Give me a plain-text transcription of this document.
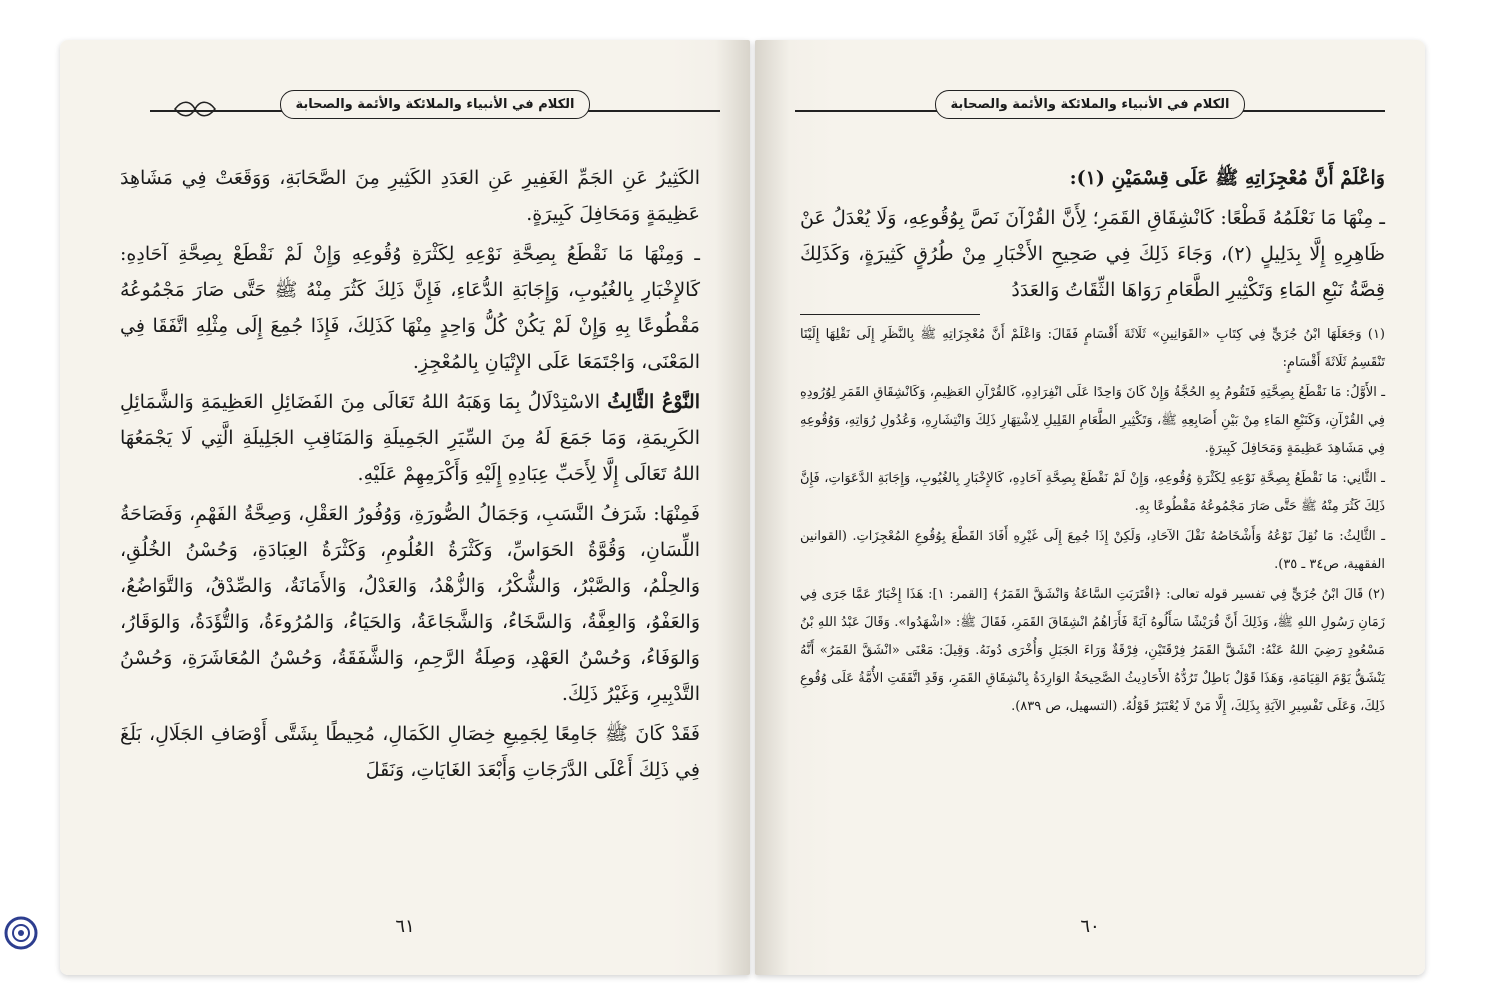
الكلام في الأنبياء والملائكة والأئمة والصحابة

الكَثِيرُ عَنِ الجَمِّ الغَفِيرِ عَنِ العَدَدِ الكَثِيرِ مِنَ الصَّحَابَةِ، وَوَقَعَتْ فِي مَشَاهِدَ عَظِيمَةٍ وَمَحَافِلَ كَبِيرَةٍ.

ـ وَمِنْهَا مَا نَقْطَعُ بِصِحَّةِ نَوْعِهِ لِكَثْرَةِ وُقُوعِهِ وَإِنْ لَمْ نَقْطَعْ بِصِحَّةِ آحَادِهِ: كَالإِخْبَارِ بِالغُيُوبِ، وَإِجَابَةِ الدُّعَاءِ، فَإِنَّ ذَلِكَ كَثُرَ مِنْهُ ﷺ حَتَّى صَارَ مَجْمُوعُهُ مَقْطُوعًا بِهِ وَإِنْ لَمْ يَكُنْ كُلُّ وَاحِدٍ مِنْهَا كَذَلِكَ، فَإِذَا جُمِعَ إِلَى مِثْلِهِ اتَّفَقَا فِي المَعْنَى، وَاجْتَمَعَا عَلَى الإِتْيَانِ بِالمُعْجِزِ.

النَّوْعُ الثَّالِثُ الاسْتِدْلَالُ بِمَا وَهَبَهُ اللهُ تَعَالَى مِنَ الفَضَائِلِ العَظِيمَةِ وَالشَّمَائِلِ الكَرِيمَةِ، وَمَا جَمَعَ لَهُ مِنَ السِّيَرِ الجَمِيلَةِ وَالمَنَاقِبِ الجَلِيلَةِ الَّتِي لَا يَجْمَعُهَا اللهُ تَعَالَى إِلَّا لِأَحَبِّ عِبَادِهِ إِلَيْهِ وَأَكْرَمِهِمْ عَلَيْهِ.

فَمِنْهَا: شَرَفُ النَّسَبِ، وَجَمَالُ الصُّورَةِ، وَوُفُورُ العَقْلِ، وَصِحَّةُ الفَهْمِ، وَفَصَاحَةُ اللِّسَانِ، وَقُوَّةُ الحَوَاسِّ، وَكَثْرَةُ العُلُومِ، وَكَثْرَةُ العِبَادَةِ، وَحُسْنُ الخُلُقِ، وَالحِلْمُ، وَالصَّبْرُ، وَالشُّكْرُ، وَالزُّهْدُ، وَالعَدْلُ، وَالأَمَانَةُ، وَالصِّدْقُ، وَالتَّوَاضُعُ، وَالعَفْوُ، وَالعِفَّةُ، وَالسَّخَاءُ، وَالشَّجَاعَةُ، وَالحَيَاءُ، وَالمُرُوءَةُ، وَالتُّؤَدَةُ، وَالوَقَارُ، وَالوَفَاءُ، وَحُسْنُ العَهْدِ، وَصِلَةُ الرَّحِمِ، وَالشَّفَقَةُ، وَحُسْنُ المُعَاشَرَةِ، وَحُسْنُ التَّدْبِيرِ، وَغَيْرُ ذَلِكَ.

فَقَدْ كَانَ ﷺ جَامِعًا لِجَمِيعِ خِصَالِ الكَمَالِ، مُحِيطًا بِشَتَّى أَوْصَافِ الجَلَالِ، بَلَغَ فِي ذَلِكَ أَعْلَى الدَّرَجَاتِ وَأَبْعَدَ الغَايَاتِ، وَنَقَلَ

٦١
الكلام في الأنبياء والملائكة والأئمة والصحابة

وَاعْلَمْ أَنَّ مُعْجِزَاتِهِ ﷺ عَلَى قِسْمَيْنِ (١):

ـ مِنْهَا مَا نَعْلَمُهُ قَطْعًا: كَانْشِقَاقِ القَمَرِ؛ لِأَنَّ القُرْآنَ نَصَّ بِوُقُوعِهِ، وَلَا يُعْدَلُ عَنْ ظَاهِرِهِ إِلَّا بِدَلِيلٍ (٢)، وَجَاءَ ذَلِكَ فِي صَحِيحِ الأَخْبَارِ مِنْ طُرُقٍ كَثِيرَةٍ، وَكَذَلِكَ قِصَّةُ نَبْعِ المَاءِ وَتَكْثِيرِ الطَّعَامِ رَوَاهَا الثِّقَاتُ وَالعَدَدُ

(١) وَجَعَلَهَا ابْنُ جُزَيٍّ فِي كِتَابِ «القَوَانِينِ» ثَلَاثَةَ أَقْسَامٍ فَقَالَ: وَاعْلَمْ أَنَّ مُعْجِزَاتِهِ ﷺ بِالنَّظَرِ إِلَى نَقْلِهَا إِلَيْنَا تَنْقَسِمُ ثَلَاثَةَ أَقْسَامٍ:

ـ الأَوَّلُ: مَا نَقْطَعُ بِصِحَّتِهِ فَتَقُومُ بِهِ الحُجَّةُ وَإِنْ كَانَ وَاحِدًا عَلَى انْفِرَادِهِ، كَالقُرْآنِ العَظِيمِ، وَكَانْشِقَاقِ القَمَرِ لِوُرُودِهِ فِي القُرْآنِ، وَكَنَبْعِ المَاءِ مِنْ بَيْنِ أَصَابِعِهِ ﷺ، وَتَكْثِيرِ الطَّعَامِ القَلِيلِ لِاشْتِهَارِ ذَلِكَ وَانْتِشَارِهِ، وَعُدُولِ رُوَاتِهِ، وَوُقُوعِهِ فِي مَشَاهِدَ عَظِيمَةٍ وَمَحَافِلَ كَبِيرَةٍ.

ـ الثَّانِي: مَا نَقْطَعُ بِصِحَّةِ نَوْعِهِ لِكَثْرَةِ وُقُوعِهِ، وَإِنْ لَمْ نَقْطَعْ بِصِحَّةِ آحَادِهِ، كَالإِخْبَارِ بِالغُيُوبِ، وَإِجَابَةِ الدَّعَوَاتِ، فَإِنَّ ذَلِكَ كَثُرَ مِنْهُ ﷺ حَتَّى صَارَ مَجْمُوعُهُ مَقْطُوعًا بِهِ.

ـ الثَّالِثُ: مَا نُقِلَ نَوْعُهُ وَأَشْخَاصُهُ نَقْلَ الآحَادِ، وَلَكِنْ إِذَا جُمِعَ إِلَى غَيْرِهِ أَفَادَ القَطْعَ بِوُقُوعِ المُعْجِزَاتِ. (القوانين الفقهية، ص٣٤ ـ ٣٥).

(٢) قَالَ ابْنُ جُزَيٍّ فِي تفسير قوله تعالى: ﴿اقْتَرَبَتِ السَّاعَةُ وَانْشَقَّ القَمَرُ﴾ [القمر: ١]: هَذَا إِخْبَارٌ عَمَّا جَرَى فِي زَمَانِ رَسُولِ اللهِ ﷺ، وَذَلِكَ أَنَّ قُرَيْشًا سَأَلُوهُ آيَةً فَأَرَاهُمُ انْشِقَاقَ القَمَرِ، فَقَالَ ﷺ: «اشْهَدُوا». وَقَالَ عَبْدُ اللهِ بْنُ مَسْعُودٍ رَضِيَ اللهُ عَنْهُ: انْشَقَّ القَمَرُ فِرْقَتَيْنِ، فِرْقَةٌ وَرَاءَ الجَبَلِ وَأُخْرَى دُونَهُ. وَقِيلَ: مَعْنَى «انْشَقَّ القَمَرُ» أَنَّهُ يَنْشَقُّ يَوْمَ القِيَامَةِ، وَهَذَا قَوْلٌ بَاطِلٌ تَرُدُّهُ الأَحَادِيثُ الصَّحِيحَةُ الوَارِدَةُ بِانْشِقَاقِ القَمَرِ، وَقَدِ اتَّفَقَتِ الأُمَّةُ عَلَى وُقُوعِ ذَلِكَ، وَعَلَى تَفْسِيرِ الآيَةِ بِذَلِكَ، إِلَّا مَنْ لَا يُعْتَبَرُ قَوْلُهُ. (التسهيل، ص ٨٣٩).

٦٠
